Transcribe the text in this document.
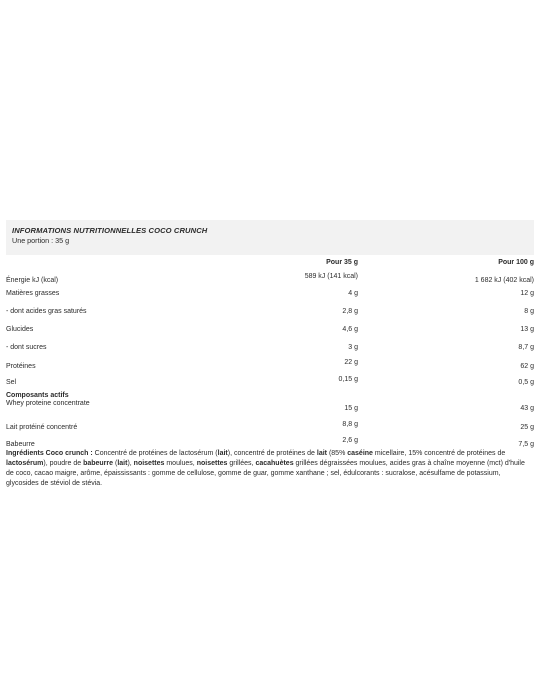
INFORMATIONS NUTRITIONNELLES COCO CRUNCH
Une portion : 35 g
	Pour 35 g	Pour 100 g
Énergie kJ (kcal)	589 kJ (141 kcal)	1 682 kJ (402 kcal)
Matières grasses	4 g	12 g
- dont acides gras saturés	2,8 g	8 g
Glucides	4,6 g	13 g
- dont sucres	3 g	8,7 g
Protéines	22 g	62 g
Sel	0,15 g	0,5 g
Composants actifs		
Whey proteine concentrate	15 g	43 g
Lait protéiné concentré	8,8 g	25 g
Babeurre	2,6 g	7,5 g
Ingrédients Coco crunch : Concentré de protéines de lactosérum (lait), concentré de protéines de lait (85% caséine micellaire, 15% concentré de protéines de lactosérum), poudre de babeurre (lait), noisettes moulues, noisettes grillées, cacahuètes grillées dégraissées moulues, acides gras à chaîne moyenne (mct) d'huile de coco, cacao maigre, arôme, épaississants : gomme de cellulose, gomme de guar, gomme xanthane ; sel, édulcorants : sucralose, acésulfame de potassium, glycosides de stéviol de stévia.
